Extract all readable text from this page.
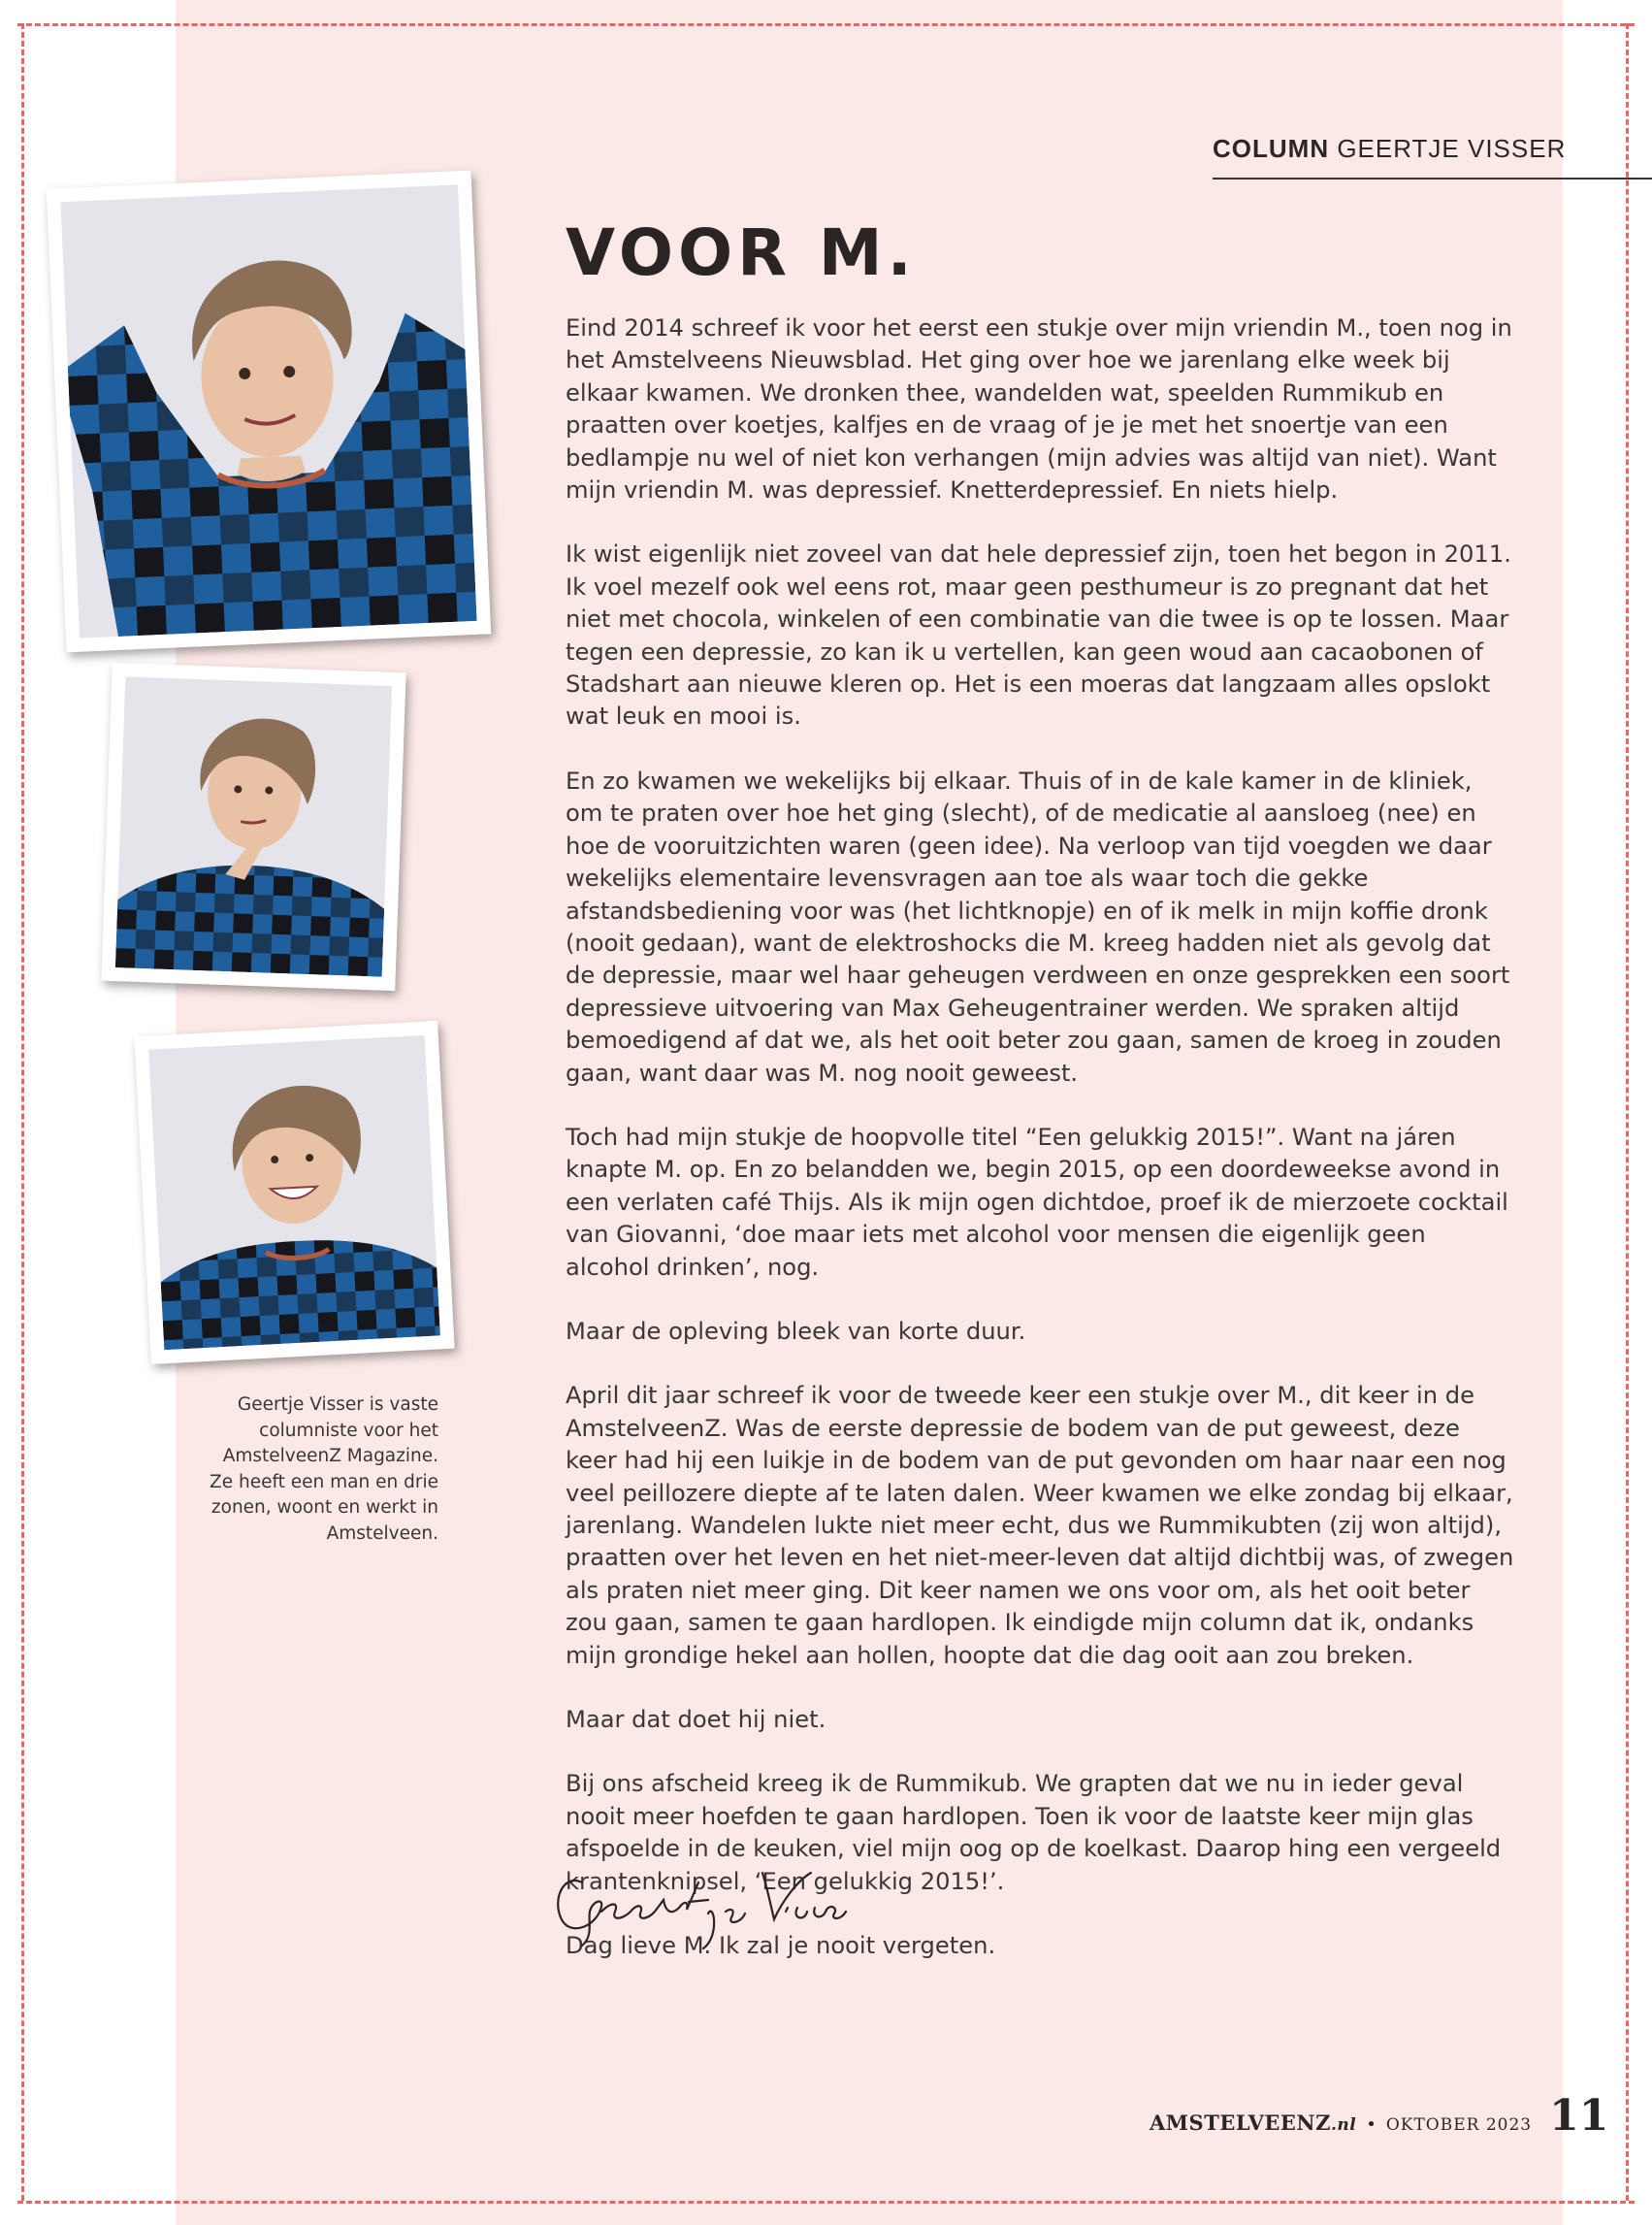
COLUMN GEERTJE VISSER
VOOR M.

Eind 2014 schreef ik voor het eerst een stukje over mijn vriendin M., toen nog in het Amstelveens Nieuwsblad. Het ging over hoe we jarenlang elke week bij elkaar kwamen. We dronken thee, wandelden wat, speelden Rummikub en praatten over koetjes, kalfjes en de vraag of je je met het snoertje van een bedlampje nu wel of niet kon verhangen (mijn advies was altijd van niet). Want mijn vriendin M. was depressief. Knetterdepressief. En niets hielp.

Ik wist eigenlijk niet zoveel van dat hele depressief zijn, toen het begon in 2011. Ik voel mezelf ook wel eens rot, maar geen pesthumeur is zo pregnant dat het niet met chocola, winkelen of een combinatie van die twee is op te lossen. Maar tegen een depressie, zo kan ik u vertellen, kan geen woud aan cacaobonen of Stadshart aan nieuwe kleren op. Het is een moeras dat langzaam alles opslokt wat leuk en mooi is.

En zo kwamen we wekelijks bij elkaar. Thuis of in de kale kamer in de kliniek, om te praten over hoe het ging (slecht), of de medicatie al aansloeg (nee) en hoe de vooruitzichten waren (geen idee). Na verloop van tijd voegden we daar wekelijks elementaire levensvragen aan toe als waar toch die gekke afstandsbediening voor was (het lichtknopje) en of ik melk in mijn koffie dronk (nooit gedaan), want de elektroshocks die M. kreeg hadden niet als gevolg dat de depressie, maar wel haar geheugen verdween en onze gesprekken een soort depressieve uitvoering van Max Geheugentrainer werden. We spraken altijd bemoedigend af dat we, als het ooit beter zou gaan, samen de kroeg in zouden gaan, want daar was M. nog nooit geweest.

Toch had mijn stukje de hoopvolle titel “Een gelukkig 2015!”. Want na járen knapte M. op. En zo belandden we, begin 2015, op een doordeweekse avond in een verlaten café Thijs. Als ik mijn ogen dichtdoe, proef ik de mierzoete cocktail van Giovanni, ‘doe maar iets met alcohol voor mensen die eigenlijk geen alcohol drinken’, nog.

Maar de opleving bleek van korte duur.

April dit jaar schreef ik voor de tweede keer een stukje over M., dit keer in de AmstelveenZ. Was de eerste depressie de bodem van de put geweest, deze keer had hij een luikje in de bodem van de put gevonden om haar naar een nog veel peillozere diepte af te laten dalen. Weer kwamen we elke zondag bij elkaar, jarenlang. Wandelen lukte niet meer echt, dus we Rummikubten (zij won altijd), praatten over het leven en het niet-meer-leven dat altijd dichtbij was, of zwegen als praten niet meer ging. Dit keer namen we ons voor om, als het ooit beter zou gaan, samen te gaan hardlopen. Ik eindigde mijn column dat ik, ondanks mijn grondige hekel aan hollen, hoopte dat die dag ooit aan zou breken.

Maar dat doet hij niet.

Bij ons afscheid kreeg ik de Rummikub. We grapten dat we nu in ieder geval nooit meer hoefden te gaan hardlopen. Toen ik voor de laatste keer mijn glas afspoelde in de keuken, viel mijn oog op de koelkast. Daarop hing een vergeeld krantenknipsel, ‘Een gelukkig 2015!’.

Dag lieve M. Ik zal je nooit vergeten.

Geertje Visser is vaste columniste voor het AmstelveenZ Magazine. Ze heeft een man en drie zonen, woont en werkt in Amstelveen.
AMSTELVEENZ.nl • OKTOBER 2023 11
